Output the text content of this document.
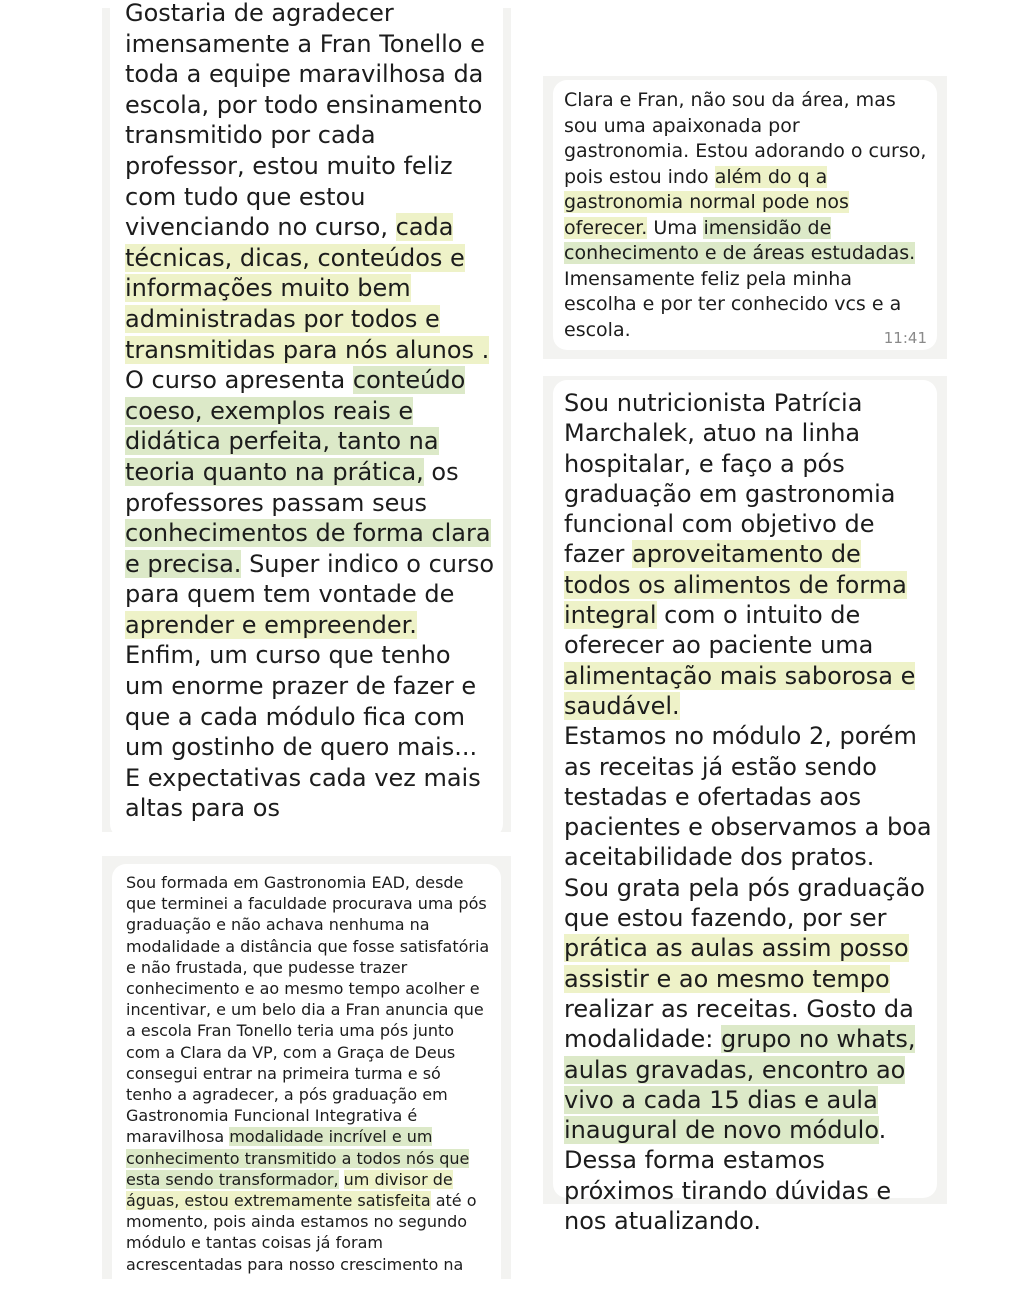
Gostaria de agradecer imensamente a Fran Tonello e toda a equipe maravilhosa da escola, por todo ensinamento transmitido por cada professor, estou muito feliz com tudo que estou vivenciando no curso, cada técnicas, dicas, conteúdos e informações muito bem administradas por todos e transmitidas para nós alunos .
O curso apresenta conteúdo coeso, exemplos reais e didática perfeita, tanto na teoria quanto na prática, os professores passam seus conhecimentos de forma clara e precisa. Super indico o curso para quem tem vontade de aprender e empreender.
Enfim, um curso que tenho um enorme prazer de fazer e que a cada módulo fica com um gostinho de quero mais... E expectativas cada vez mais altas para os

Clara e Fran, não sou da área, mas sou uma apaixonada por gastronomia. Estou adorando o curso, pois estou indo além do q a gastronomia normal pode nos oferecer. Uma imensidão de conhecimento e de áreas estudadas.
Imensamente feliz pela minha escolha e por ter conhecido vcs e a escola.	11:41

Sou nutricionista Patrícia Marchalek, atuo na linha hospitalar, e faço a pós graduação em gastronomia funcional com objetivo de fazer aproveitamento de todos os alimentos de forma integral com o intuito de oferecer ao paciente uma alimentação mais saborosa e saudável.
Estamos no módulo 2, porém as receitas já estão sendo testadas e ofertadas aos pacientes e observamos a boa aceitabilidade dos pratos.
Sou grata pela pós graduação que estou fazendo, por ser prática as aulas assim posso assistir e ao mesmo tempo realizar as receitas. Gosto da modalidade: grupo no whats, aulas gravadas, encontro ao vivo a cada 15 dias e aula inaugural de novo módulo.
Dessa forma estamos próximos tirando dúvidas e nos atualizando.

Sou formada em Gastronomia EAD, desde que terminei a faculdade procurava uma pós graduação e não achava nenhuma na modalidade a distância que fosse satisfatória e não frustada, que pudesse trazer conhecimento e ao mesmo tempo acolher e incentivar, e um belo dia a Fran anuncia que a escola Fran Tonello teria uma pós junto com a Clara da VP, com a Graça de Deus consegui entrar na primeira turma e só tenho a agradecer, a pós graduação em Gastronomia Funcional Integrativa é maravilhosa modalidade incrível e um conhecimento transmitido a todos nós que esta sendo transformador, um divisor de águas, estou extremamente satisfeita até o momento, pois ainda estamos no segundo módulo e tantas coisas já foram acrescentadas para nosso crescimento na
